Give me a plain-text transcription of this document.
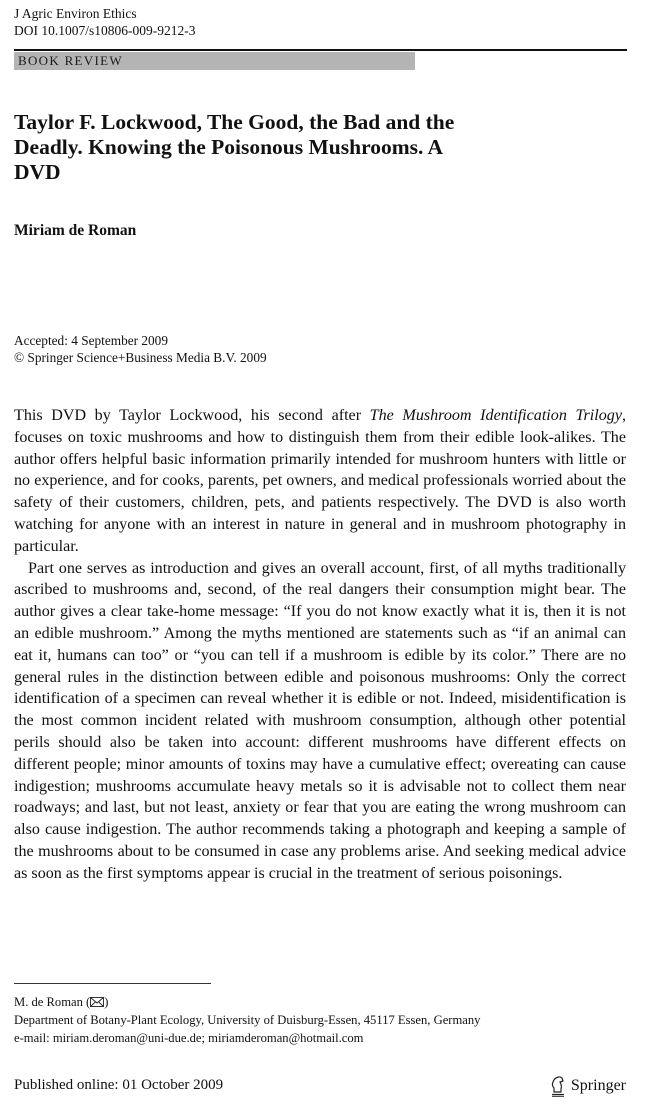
J Agric Environ Ethics
DOI 10.1007/s10806-009-9212-3
BOOK REVIEW
Taylor F. Lockwood, The Good, the Bad and the Deadly. Knowing the Poisonous Mushrooms. A DVD
Miriam de Roman
Accepted: 4 September 2009
© Springer Science+Business Media B.V. 2009

This DVD by Taylor Lockwood, his second after The Mushroom Identification Trilogy, focuses on toxic mushrooms and how to distinguish them from their edible look-alikes. The author offers helpful basic information primarily intended for mushroom hunters with little or no experience, and for cooks, parents, pet owners, and medical professionals worried about the safety of their customers, children, pets, and patients respectively. The DVD is also worth watching for anyone with an interest in nature in general and in mushroom photography in particular.

Part one serves as introduction and gives an overall account, first, of all myths traditionally ascribed to mushrooms and, second, of the real dangers their consumption might bear. The author gives a clear take-home message: “If you do not know exactly what it is, then it is not an edible mushroom.” Among the myths mentioned are statements such as “if an animal can eat it, humans can too” or “you can tell if a mushroom is edible by its color.” There are no general rules in the distinction between edible and poisonous mushrooms: Only the correct identification of a specimen can reveal whether it is edible or not. Indeed, misidentification is the most common incident related with mushroom consumption, although other potential perils should also be taken into account: different mushrooms have different effects on different people; minor amounts of toxins may have a cumulative effect; overeating can cause indigestion; mushrooms accumulate heavy metals so it is advisable not to collect them near roadways; and last, but not least, anxiety or fear that you are eating the wrong mushroom can also cause indigestion. The author recommends taking a photograph and keeping a sample of the mushrooms about to be consumed in case any problems arise. And seeking medical advice as soon as the first symptoms appear is crucial in the treatment of serious poisonings.

M. de Roman ( )
Department of Botany-Plant Ecology, University of Duisburg-Essen, 45117 Essen, Germany
e-mail: miriam.deroman@uni-due.de; miriamderoman@hotmail.com
Published online: 01 October 2009	Springer
